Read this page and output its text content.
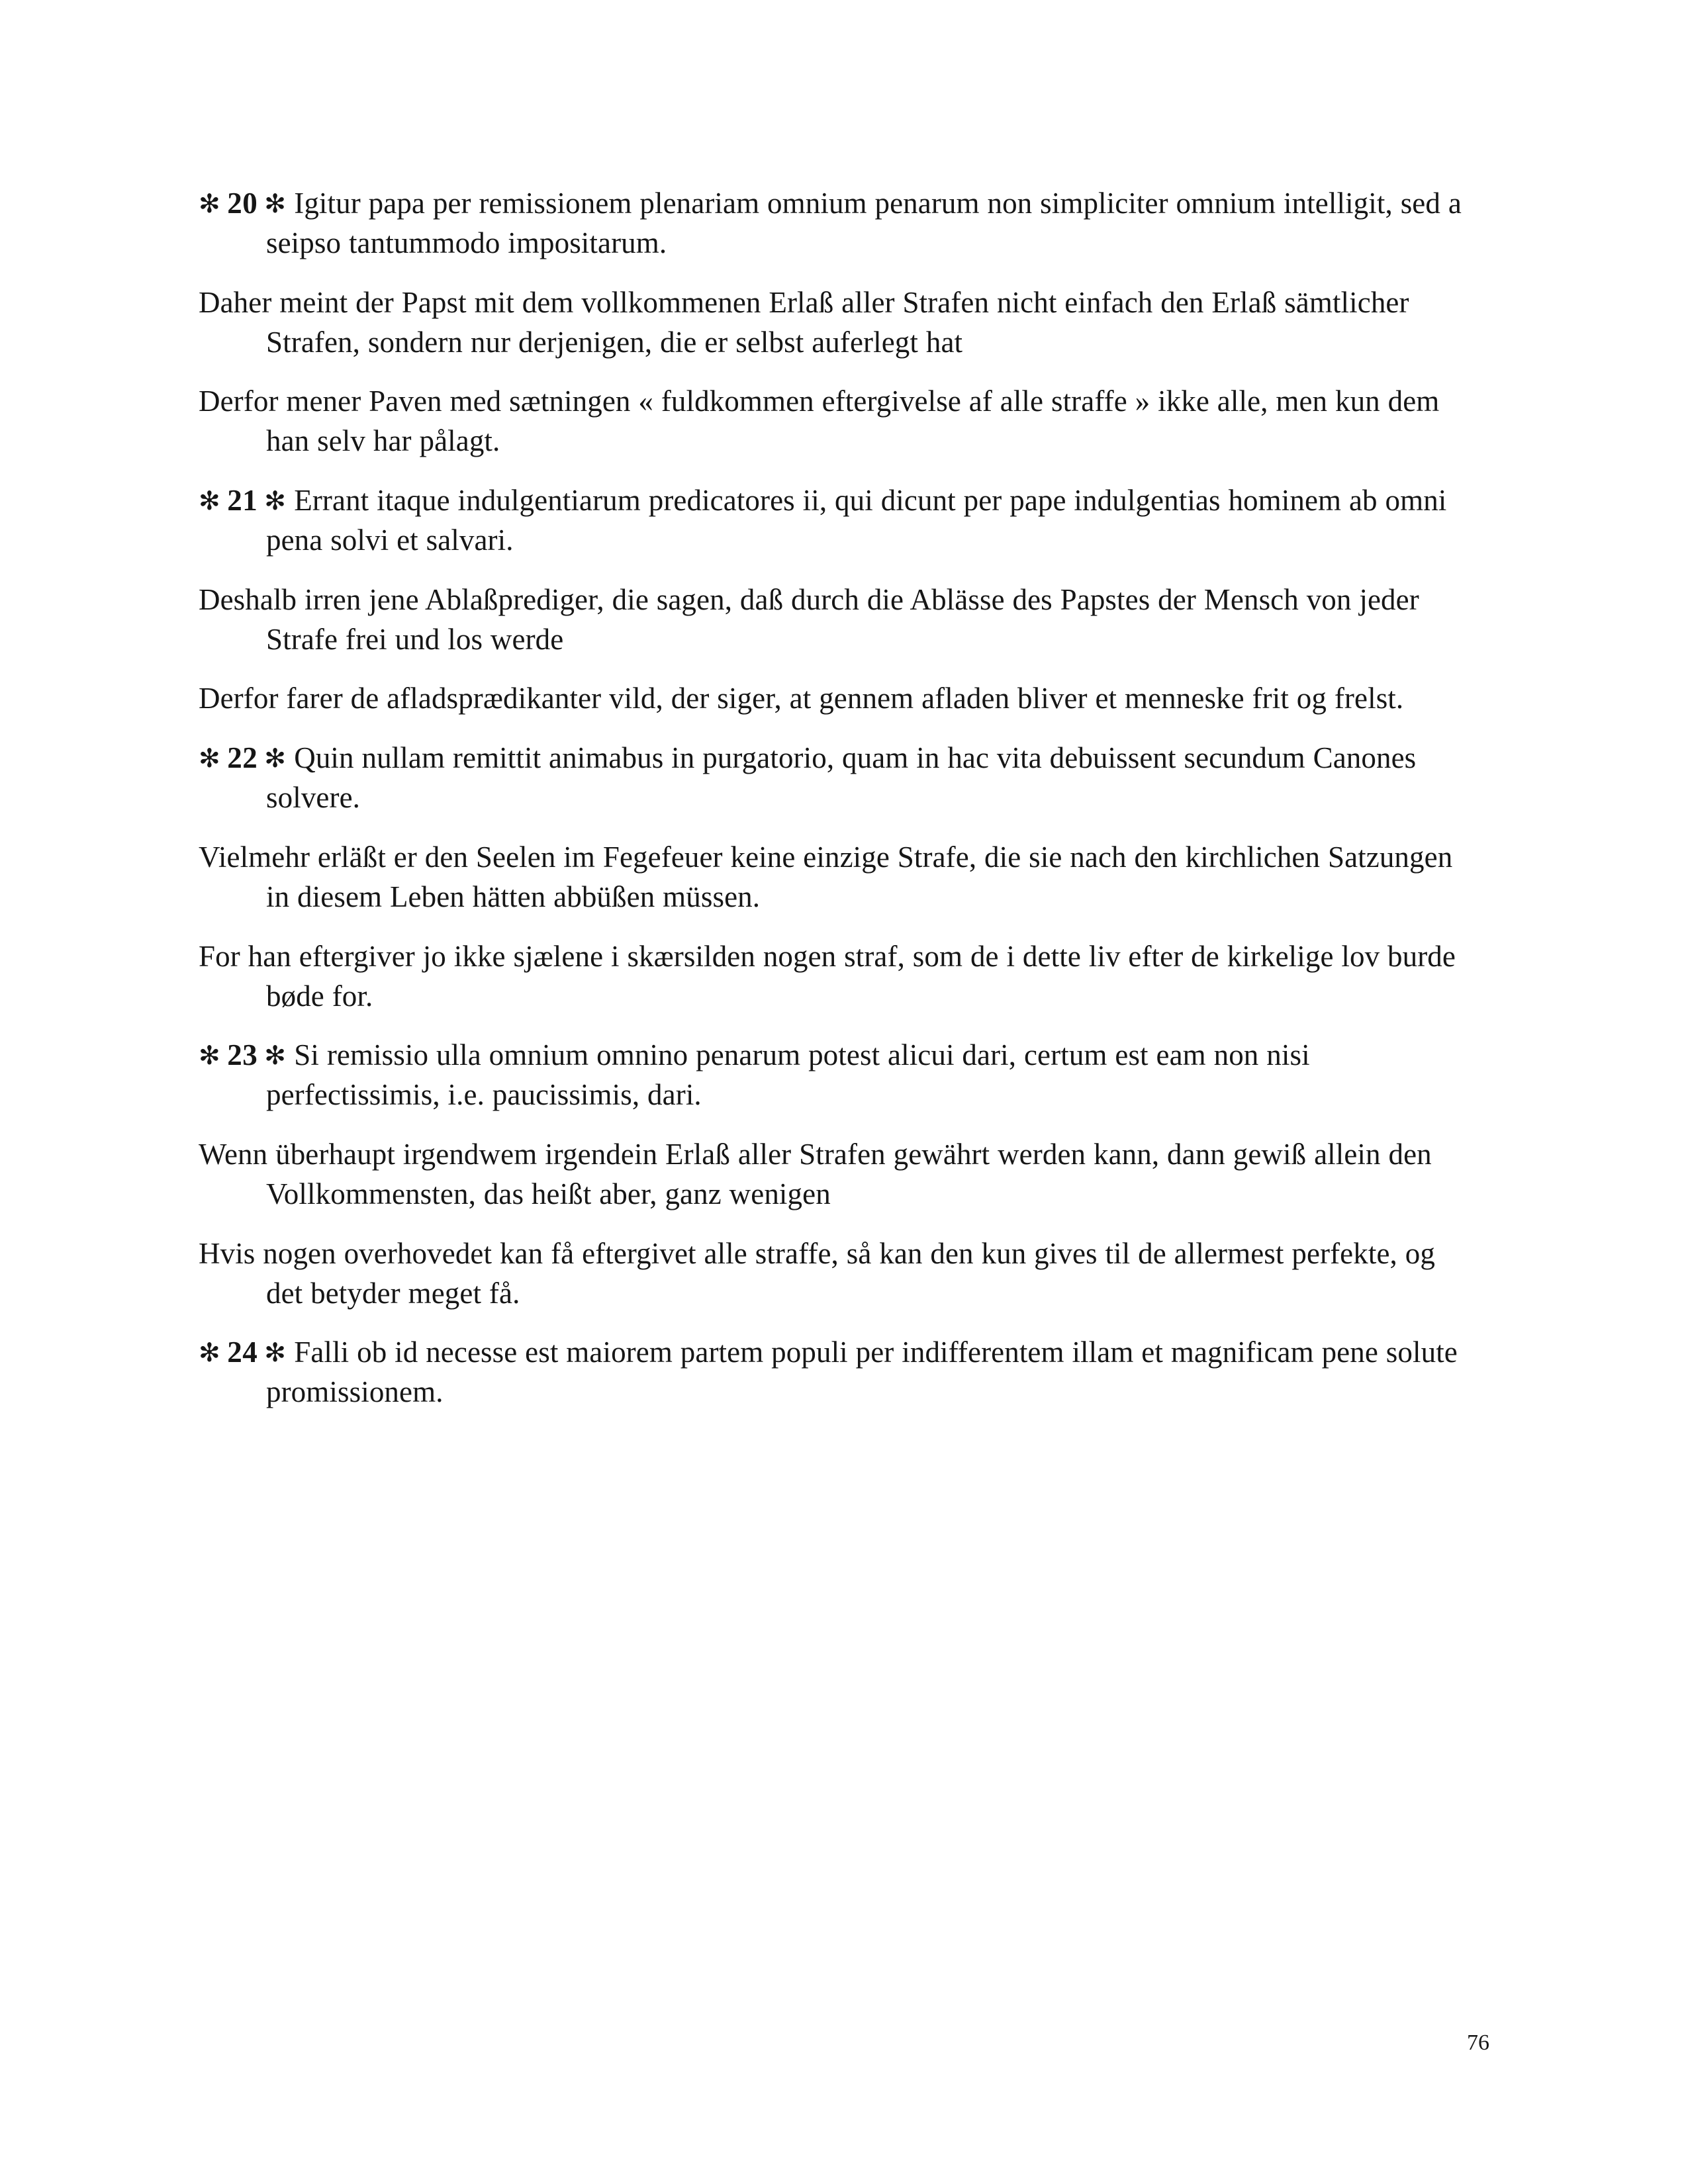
✻ 20 ✻ Igitur papa per remissionem plenariam omnium penarum non simpliciter omnium intelligit, sed a seipso tantummodo impositarum.

Daher meint der Papst mit dem vollkommenen Erlaß aller Strafen nicht einfach den Erlaß sämtlicher Strafen, sondern nur derjenigen, die er selbst auferlegt hat

Derfor mener Paven med sætningen « fuldkommen eftergivelse af alle straffe » ikke alle, men kun dem han selv har pålagt.

✻ 21 ✻ Errant itaque indulgentiarum predicatores ii, qui dicunt per pape indulgentias hominem ab omni pena solvi et salvari.

Deshalb irren jene Ablaßprediger, die sagen, daß durch die Ablässe des Papstes der Mensch von jeder Strafe frei und los werde

Derfor farer de afladsprædikanter vild, der siger, at gennem afladen bliver et menneske frit og frelst.

✻ 22 ✻ Quin nullam remittit animabus in purgatorio, quam in hac vita debuissent secundum Canones solvere.

Vielmehr erläßt er den Seelen im Fegefeuer keine einzige Strafe, die sie nach den kirchlichen Satzungen in diesem Leben hätten abbüßen müssen.

For han eftergiver jo ikke sjælene i skærsilden nogen straf, som de i dette liv efter de kirkelige lov burde bøde for.

✻ 23 ✻ Si remissio ulla omnium omnino penarum potest alicui dari, certum est eam non nisi perfectissimis, i.e. paucissimis, dari.

Wenn überhaupt irgendwem irgendein Erlaß aller Strafen gewährt werden kann, dann gewiß allein den Vollkommensten, das heißt aber, ganz wenigen

Hvis nogen overhovedet kan få eftergivet alle straffe, så kan den kun gives til de allermest perfekte, og det betyder meget få.

✻ 24 ✻ Falli ob id necesse est maiorem partem populi per indifferentem illam et magnificam pene solute promissionem.

76
